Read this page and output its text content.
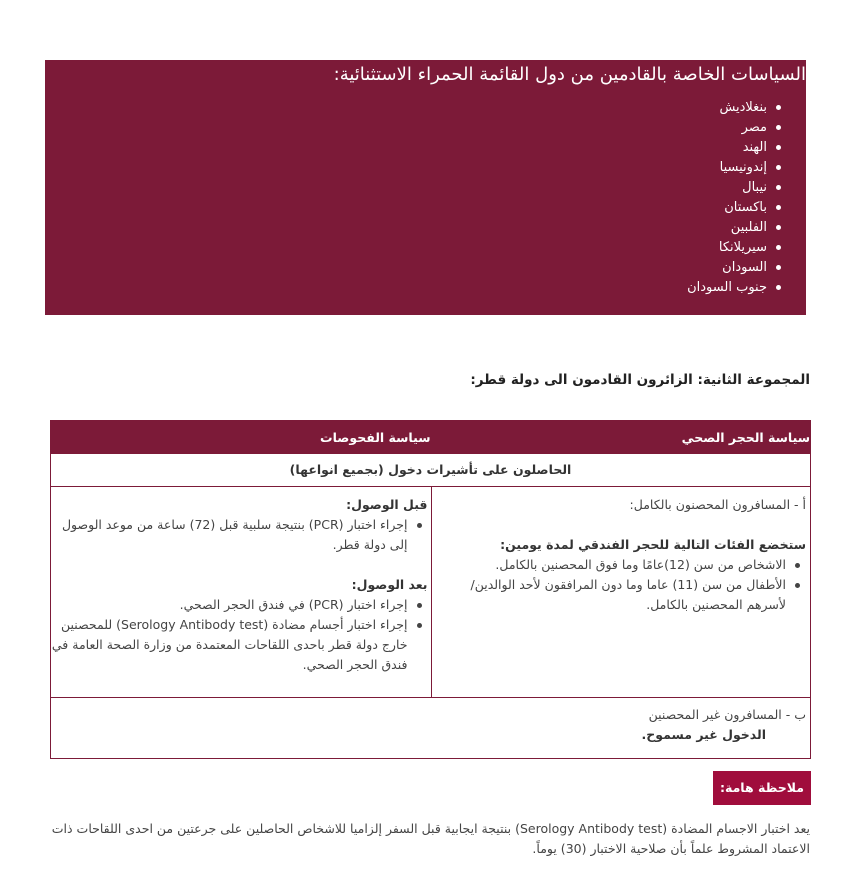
السياسات الخاصة بالقادمين من دول القائمة الحمراء الاستثنائية:
بنغلاديش
مصر
الهند
إندونيسيا
نيبال
باكستان
الفلبين
سيريلانكا
السودان
جنوب السودان
المجموعة الثانية: الزائرون القادمون الى دولة قطر:
سياسة الحجر الصحي
سياسة الفحوصات
الحاصلون على تأشيرات دخول (بجميع انواعها)
أ - المسافرون المحصنون بالكامل:
ستخضع الفئات التالية للحجر الفندقي لمدة يومين:
الاشخاص من سن (12)عامًا وما فوق المحصنين بالكامل.
الأطفال من سن (11) عاما وما دون المرافقون لأحد الوالدين/ لأسرهم المحصنين بالكامل.
قبل الوصول:
إجراء اختبار (PCR) بنتيجة سلبية قبل (72) ساعة من موعد الوصول إلى دولة قطر.
بعد الوصول:
إجراء اختبار (PCR) في فندق الحجر الصحي.
إجراء اختبار أجسام مضادة (Serology Antibody test) للمحصنين خارج دولة قطر باحدى اللقاحات المعتمدة من وزارة الصحة العامة في فندق الحجر الصحي.
ب - المسافرون غير المحصنين
الدخول غير مسموح.
ملاحظة هامة:
يعد اختبار الاجسام المضادة (Serology Antibody test) بنتيجة ايجابية قبل السفر إلزاميا للاشخاص الحاصلين على جرعتين من احدى اللقاحات ذات الاعتماد المشروط علماً بأن صلاحية الاختبار (30) يوماً.
